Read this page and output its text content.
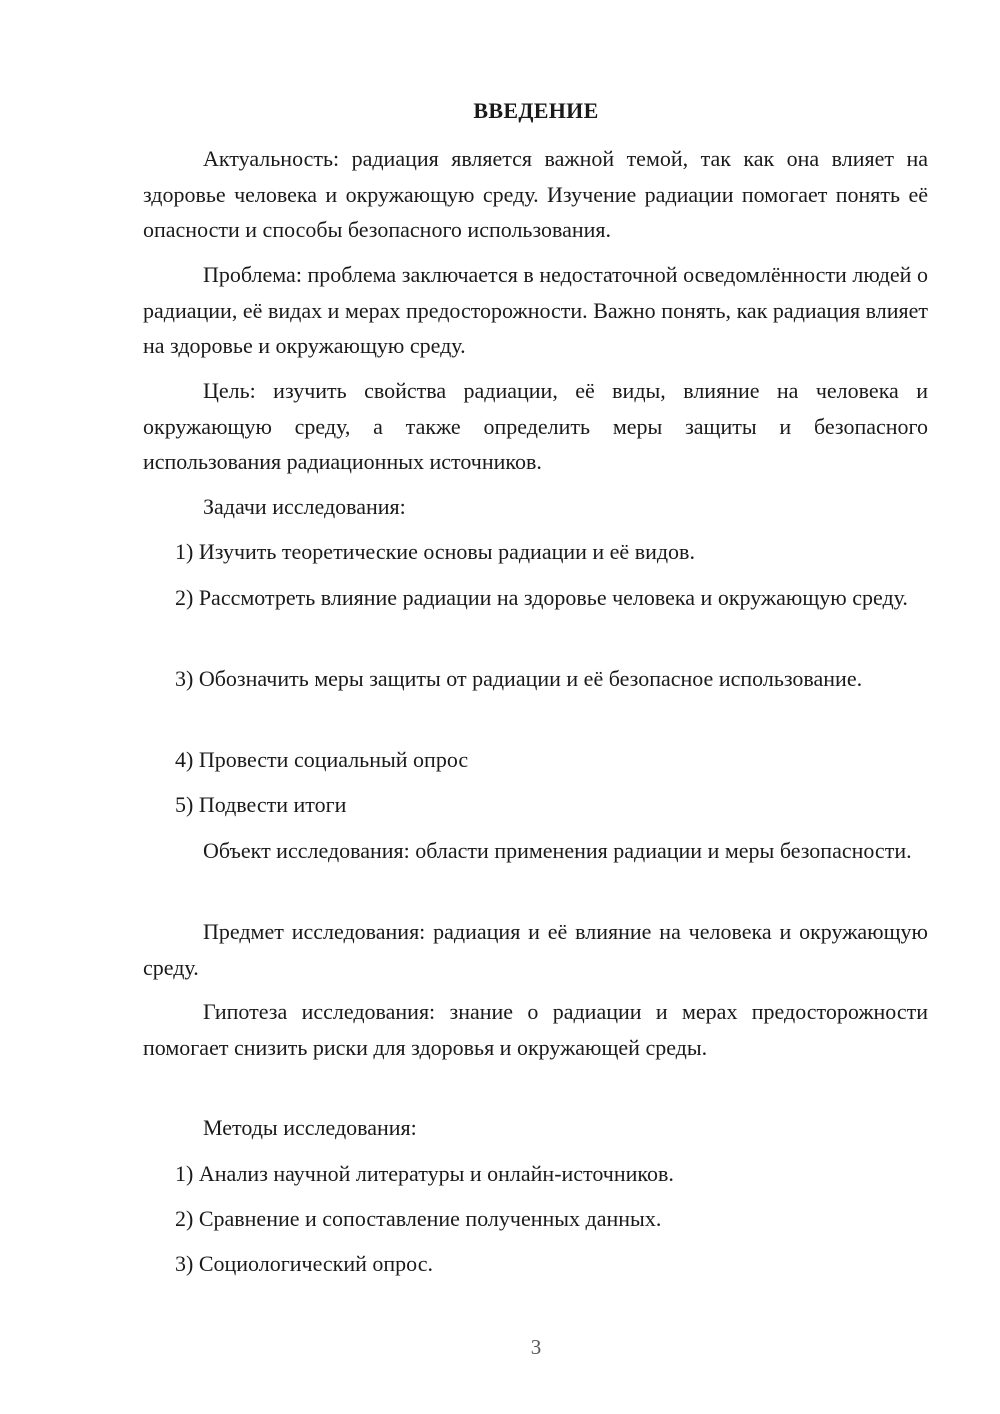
ВВЕДЕНИЕ
Актуальность: радиация является важной темой, так как она влияет на здоровье человека и окружающую среду. Изучение радиации помогает понять её опасности и способы безопасного использования.
Проблема: проблема заключается в недостаточной осведомлённости людей о радиации, её видах и мерах предосторожности. Важно понять, как радиация влияет на здоровье и окружающую среду.
Цель: изучить свойства радиации, её виды, влияние на человека и окружающую среду, а также определить меры защиты и безопасного использования радиационных источников.
Задачи исследования:
1) Изучить теоретические основы радиации и её видов.
2) Рассмотреть влияние радиации на здоровье человека и окружающую среду.
3) Обозначить меры защиты от радиации и её безопасное использование.
4) Провести социальный опрос
5) Подвести итоги
Объект исследования: области применения радиации и меры безопасности.
Предмет исследования: радиация и её влияние на человека и окружающую среду.
Гипотеза исследования: знание о радиации и мерах предосторожности помогает снизить риски для здоровья и окружающей среды.
Методы исследования:
1) Анализ научной литературы и онлайн-источников.
2) Сравнение и сопоставление полученных данных.
3) Социологический опрос.
3
